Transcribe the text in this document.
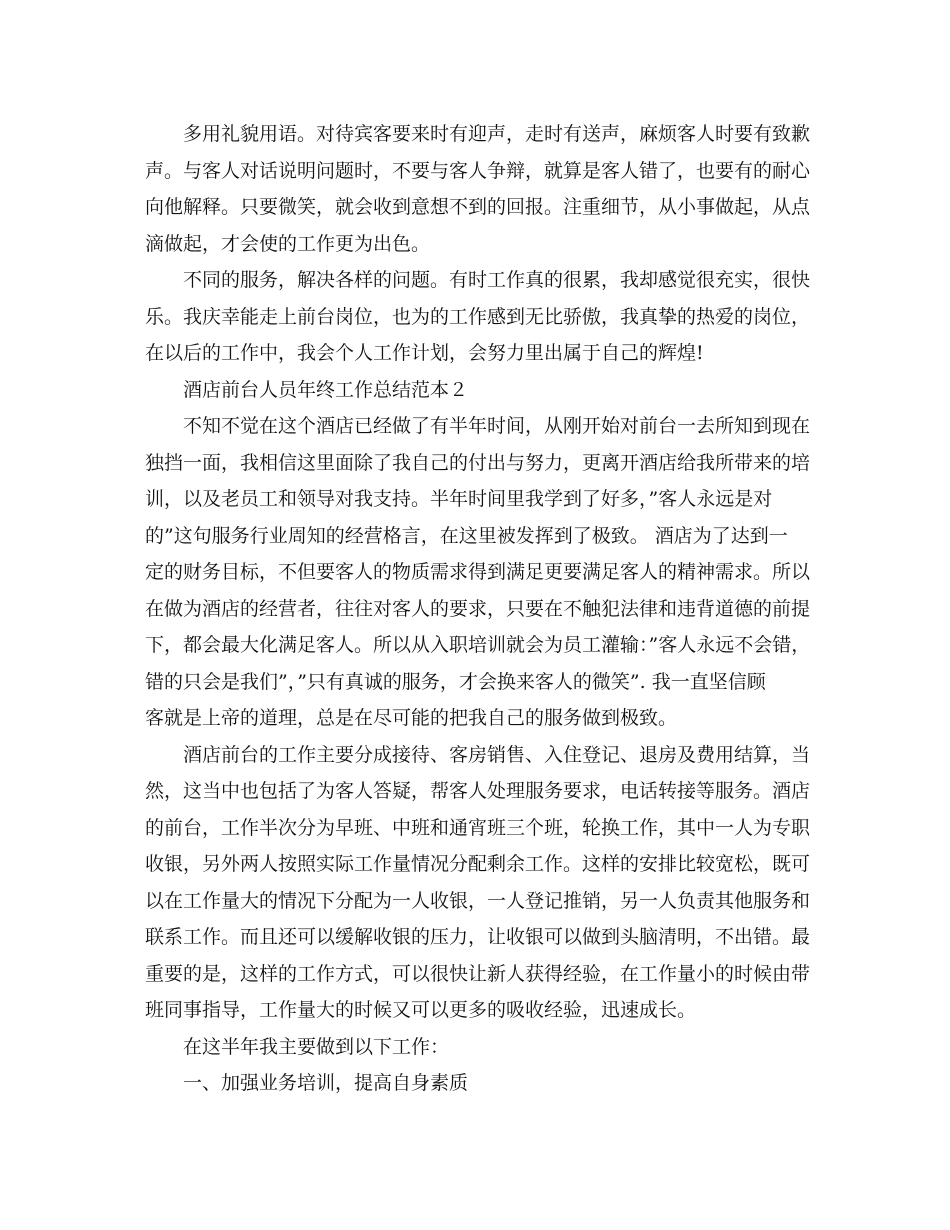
多用礼貌用语。对待宾客要来时有迎声，走时有送声，麻烦客人时要有致歉
声。与客人对话说明问题时，不要与客人争辩，就算是客人错了，也要有的耐心
向他解释。只要微笑，就会收到意想不到的回报。注重细节，从小事做起，从点
滴做起，才会使的工作更为出色。

不同的服务，解决各样的问题。有时工作真的很累，我却感觉很充实，很快
乐。我庆幸能走上前台岗位，也为的工作感到无比骄傲，我真挚的热爱的岗位，
在以后的工作中，我会个人工作计划，会努力里出属于自己的辉煌!

酒店前台人员年终工作总结范本２

不知不觉在这个酒店已经做了有半年时间，从刚开始对前台一去所知到现在
独挡一面，我相信这里面除了我自己的付出与努力，更离开酒店给我所带来的培
训，以及老员工和领导对我支持。半年时间里我学到了好多，”客人永远是对
的”这句服务行业周知的经营格言，在这里被发挥到了极致。 酒店为了达到一
定的财务目标，不但要客人的物质需求得到满足更要满足客人的精神需求。所以
在做为酒店的经营者，往往对客人的要求，只要在不触犯法律和违背道德的前提
下，都会最大化满足客人。所以从入职培训就会为员工灌输：”客人永远不会错，
错的只会是我们”，”只有真诚的服务，才会换来客人的微笑”. 我一直坚信顾
客就是上帝的道理，总是在尽可能的把我自己的服务做到极致。

酒店前台的工作主要分成接待、客房销售、入住登记、退房及费用结算，当
然，这当中也包括了为客人答疑，帮客人处理服务要求，电话转接等服务。酒店
的前台，工作半次分为早班、中班和通宵班三个班，轮换工作，其中一人为专职
收银，另外两人按照实际工作量情况分配剩余工作。这样的安排比较宽松，既可
以在工作量大的情况下分配为一人收银，一人登记推销，另一人负责其他服务和
联系工作。而且还可以缓解收银的压力，让收银可以做到头脑清明，不出错。最
重要的是，这样的工作方式，可以很快让新人获得经验，在工作量小的时候由带
班同事指导，工作量大的时候又可以更多的吸收经验，迅速成长。

在这半年我主要做到以下工作：

一、加强业务培训，提高自身素质
